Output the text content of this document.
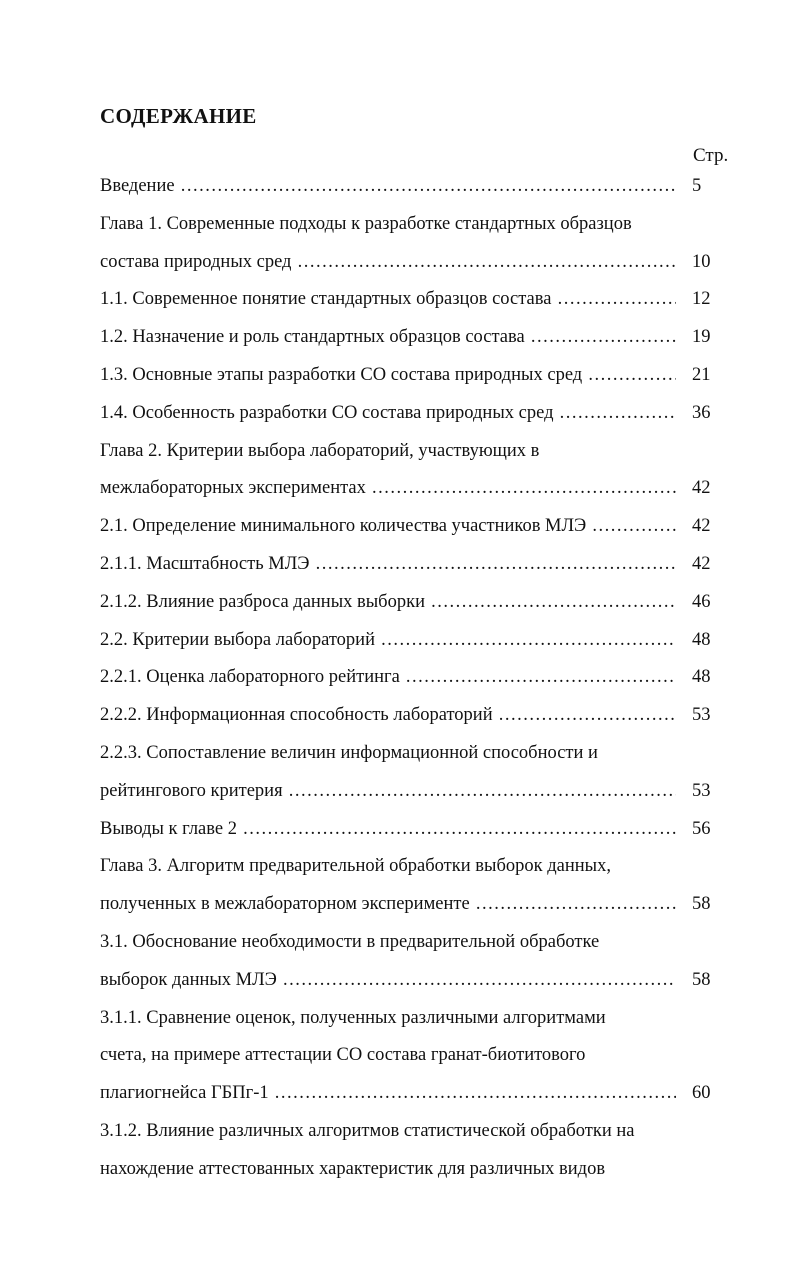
СОДЕРЖАНИЕ
Стр.
Введение .....	5
Глава 1. Современные подходы к разработке стандартных образцов
состава природных сред .....	10
1.1. Современное понятие стандартных образцов состава .....	12
1.2. Назначение и роль стандартных образцов состава .....	19
1.3. Основные этапы разработки СО состава природных сред .....	21
1.4. Особенность разработки СО состава природных сред .....	36
Глава 2. Критерии выбора лабораторий, участвующих в
межлабораторных экспериментах .....	42
2.1. Определение минимального количества участников МЛЭ .....	42
2.1.1. Масштабность МЛЭ .....	42
2.1.2. Влияние разброса данных выборки .....	46
2.2. Критерии выбора лабораторий .....	48
2.2.1. Оценка лабораторного рейтинга .....	48
2.2.2. Информационная способность лабораторий .....	53
2.2.3. Сопоставление величин информационной способности и
рейтингового критерия .....	53
Выводы к главе 2 .....	56
Глава 3. Алгоритм предварительной обработки выборок данных,
полученных в межлабораторном эксперименте .....	58
3.1. Обоснование необходимости в предварительной обработке
выборок данных МЛЭ .....	58
3.1.1. Сравнение оценок, полученных различными алгоритмами
счета, на примере аттестации СО состава гранат-биотитового
плагиогнейса ГБПг-1 .....	60
3.1.2. Влияние различных алгоритмов статистической обработки на
нахождение аттестованных характеристик для различных видов
